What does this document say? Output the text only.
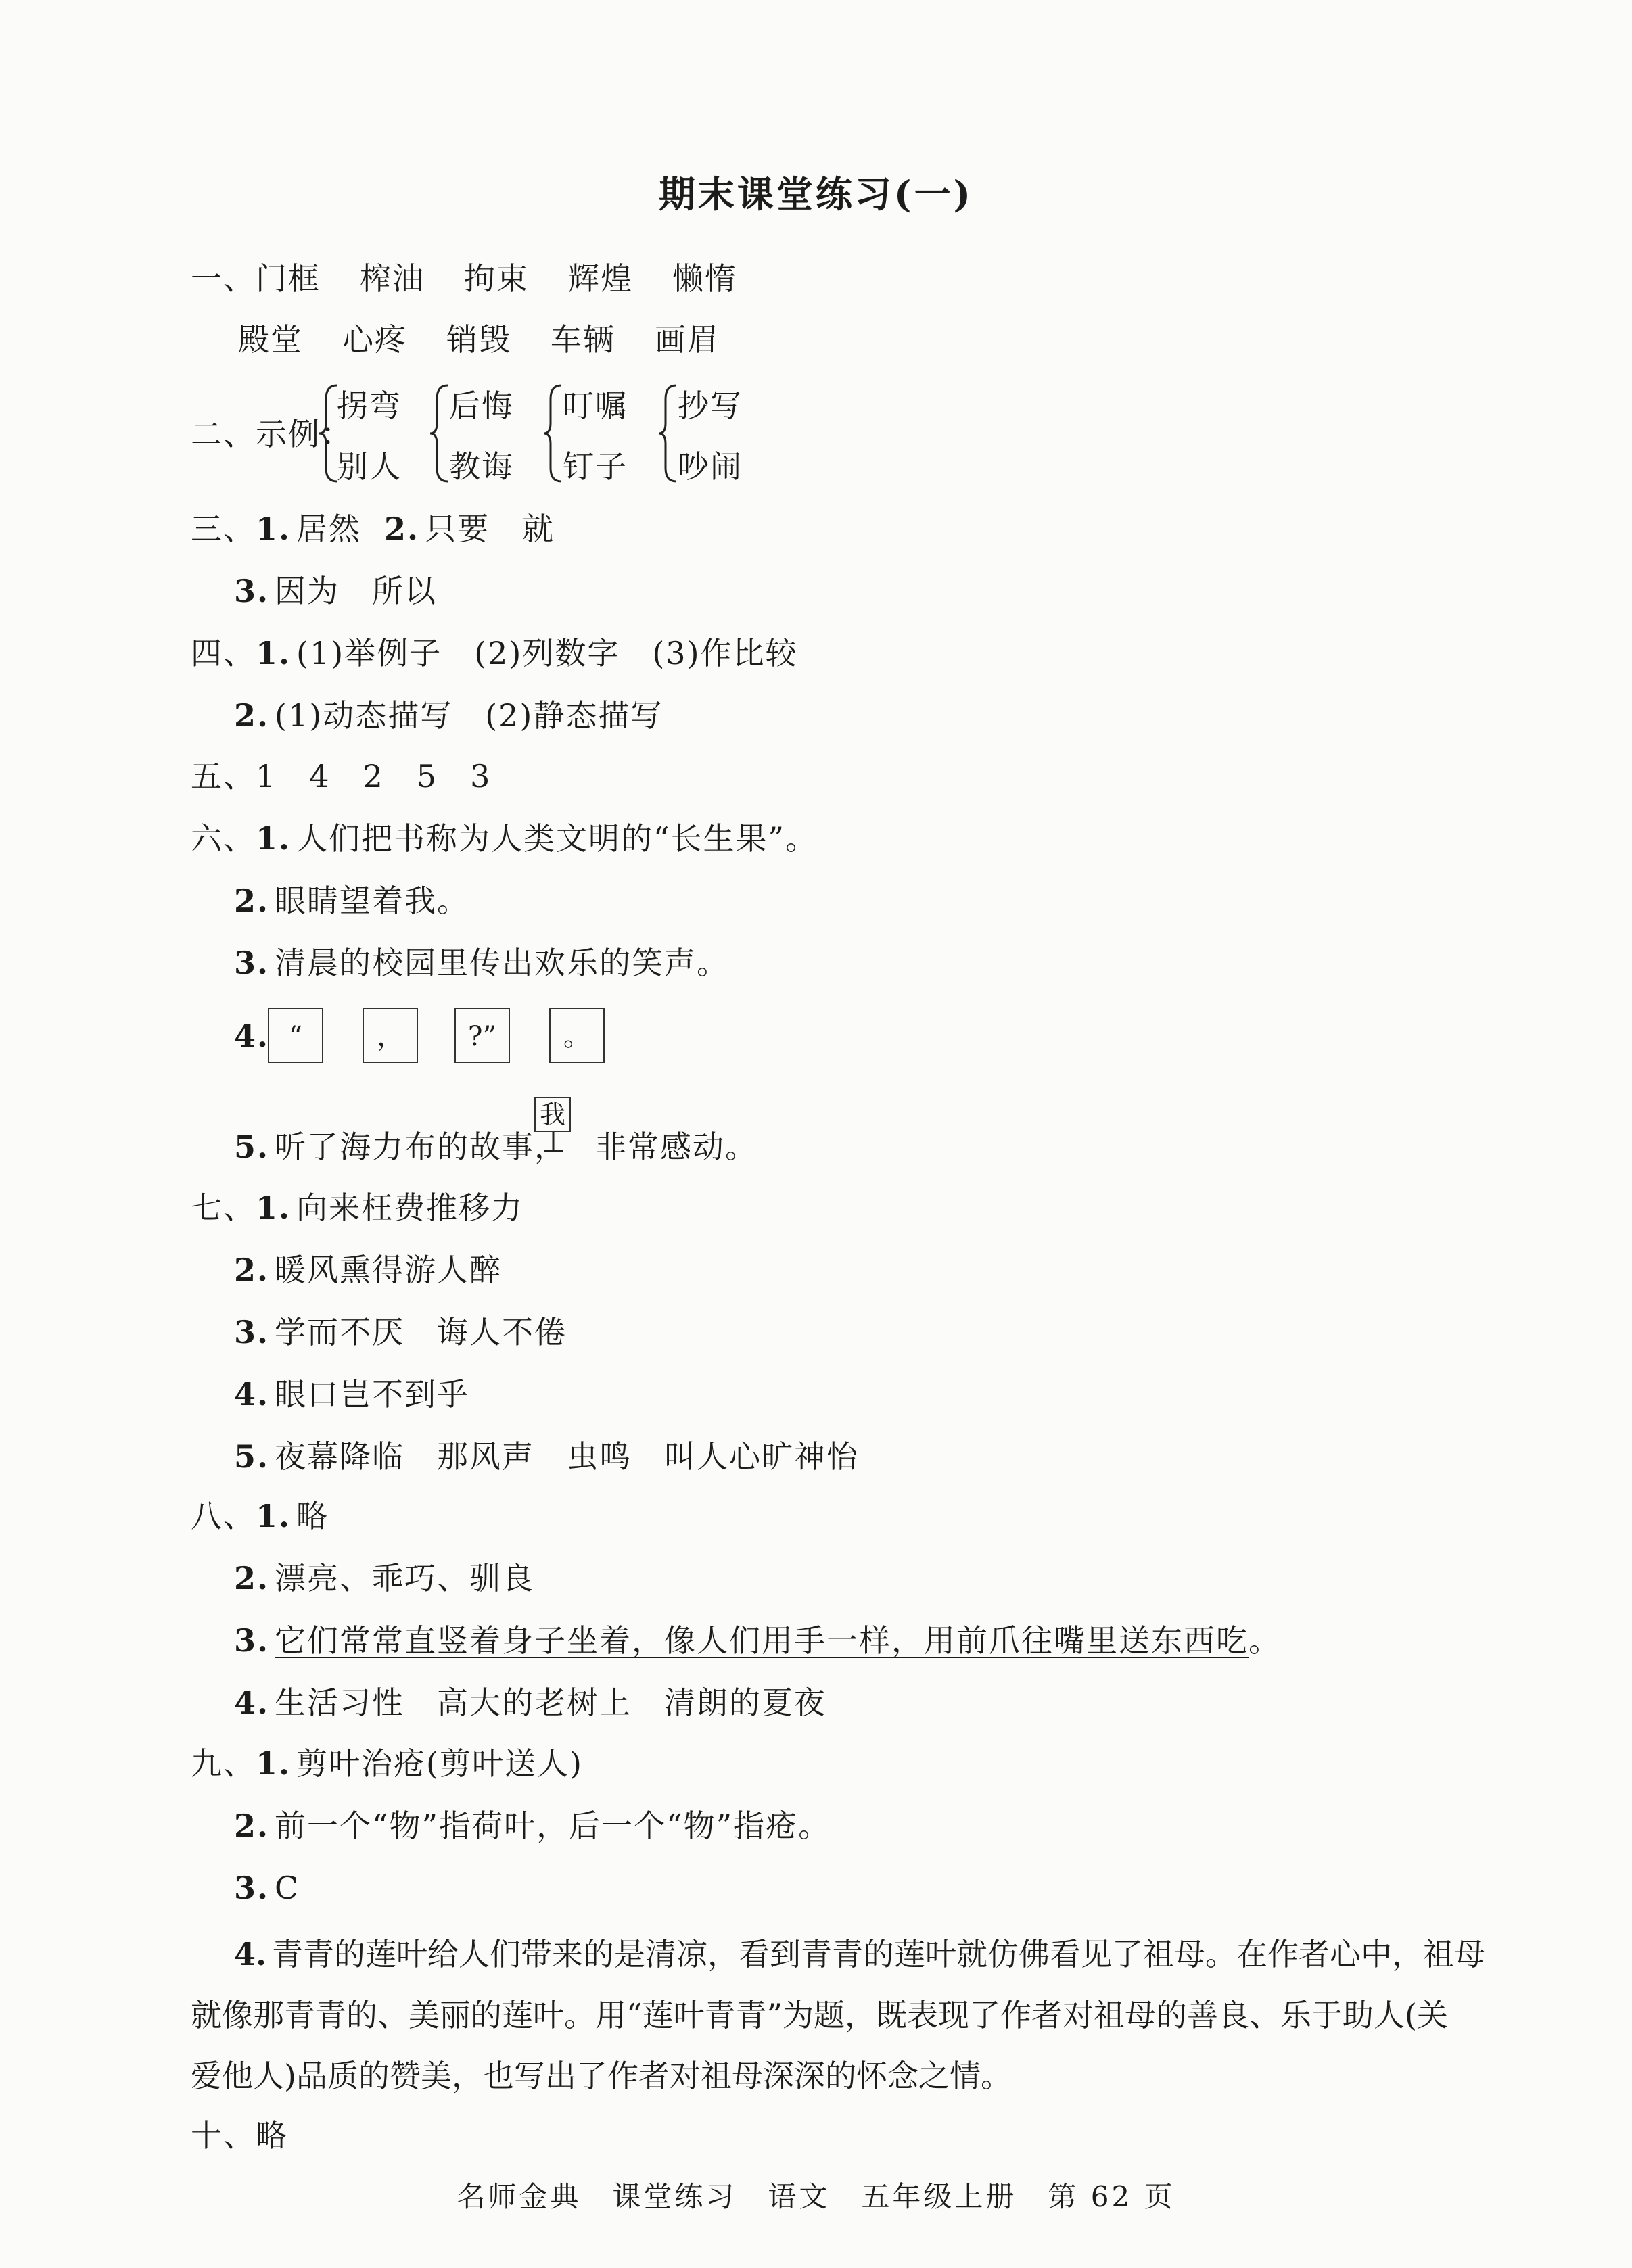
期末课堂练习(一)
一、门框 榨油 拘束 辉煌 懒惰
殿堂 心疼 销毁 车辆 画眉
二、示例：
拐弯
别人
后悔
教诲
叮嘱
钉子
抄写
吵闹
三、1. 居然 2. 只要　就
3. 因为　所以
四、1. (1)举例子　(2)列数字　(3)作比较
2. (1)动态描写　(2)静态描写
五、1　4　2　5　3
六、1. 人们把书称为人类文明的“长生果”。
2. 眼睛望着我。
3. 清晨的校园里传出欢乐的笑声。
4. “	，	?”	。
我
5. 听了海力布的故事， 非常感动。
七、1. 向来枉费推移力
2. 暖风熏得游人醉
3. 学而不厌　诲人不倦
4. 眼口岂不到乎
5. 夜幕降临　那风声　虫鸣　叫人心旷神怡
八、1. 略
2. 漂亮、乖巧、驯良
3. 它们常常直竖着身子坐着，像人们用手一样，用前爪往嘴里送东西吃。
4. 生活习性　高大的老树上　清朗的夏夜
九、1. 剪叶治疮(剪叶送人)
2. 前一个“物”指荷叶，后一个“物”指疮。
3. C
4. 青青的莲叶给人们带来的是清凉，看到青青的莲叶就仿佛看见了祖母。在作者心中，祖母
就像那青青的、美丽的莲叶。用“莲叶青青”为题，既表现了作者对祖母的善良、乐于助人(关
爱他人)品质的赞美，也写出了作者对祖母深深的怀念之情。
十、略
名师金典　课堂练习　语文　五年级上册　第 62 页
